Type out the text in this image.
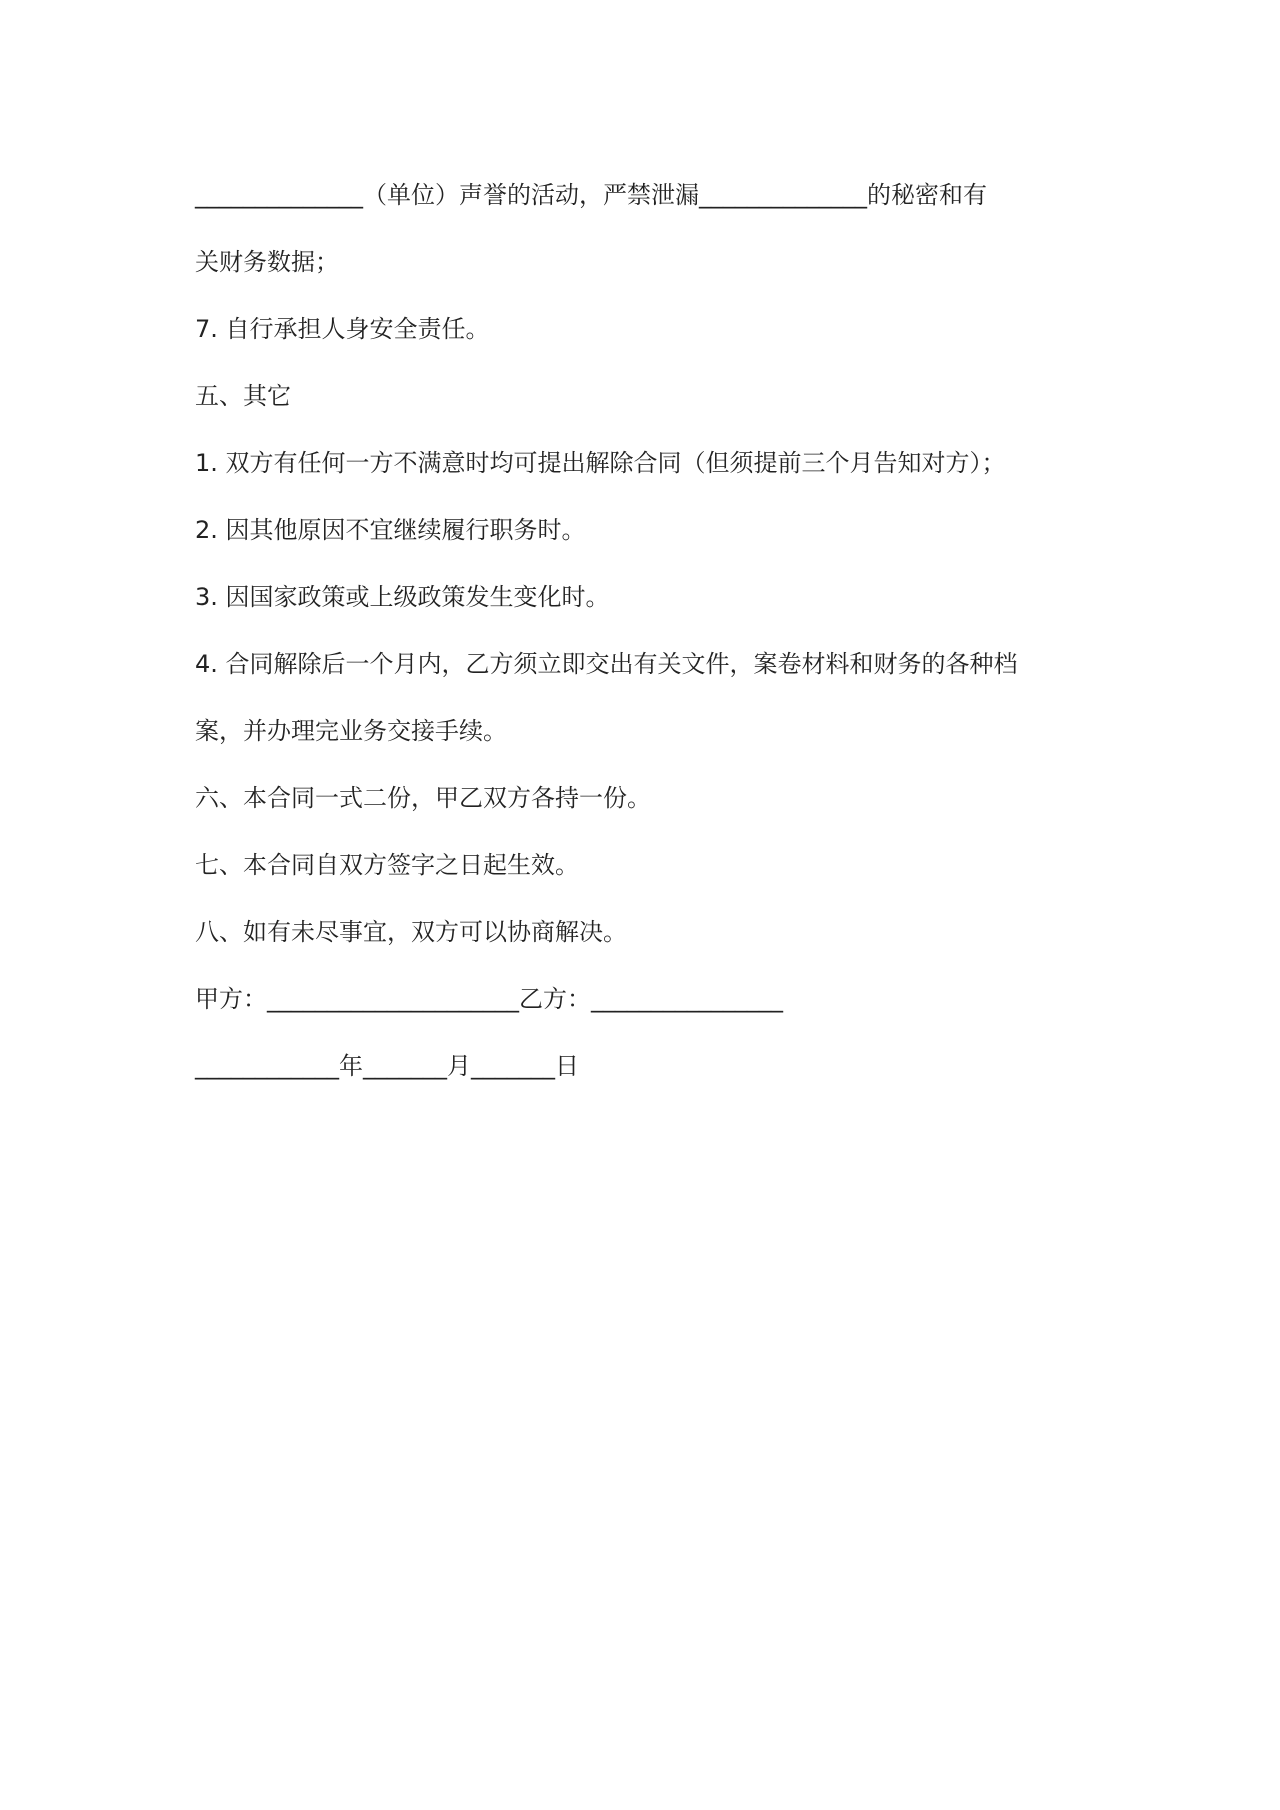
______________（单位）声誉的活动，严禁泄漏______________的秘密和有

关财务数据；

7. 自行承担人身安全责任。

五、其它

1. 双方有任何一方不满意时均可提出解除合同（但须提前三个月告知对方）；

2. 因其他原因不宜继续履行职务时。

3. 因国家政策或上级政策发生变化时。

4. 合同解除后一个月内，乙方须立即交出有关文件，案卷材料和财务的各种档

案，并办理完业务交接手续。

六、本合同一式二份，甲乙双方各持一份。

七、本合同自双方签字之日起生效。

八、如有未尽事宜，双方可以协商解决。

甲方：_____________________乙方：________________

____________年_______月_______日
